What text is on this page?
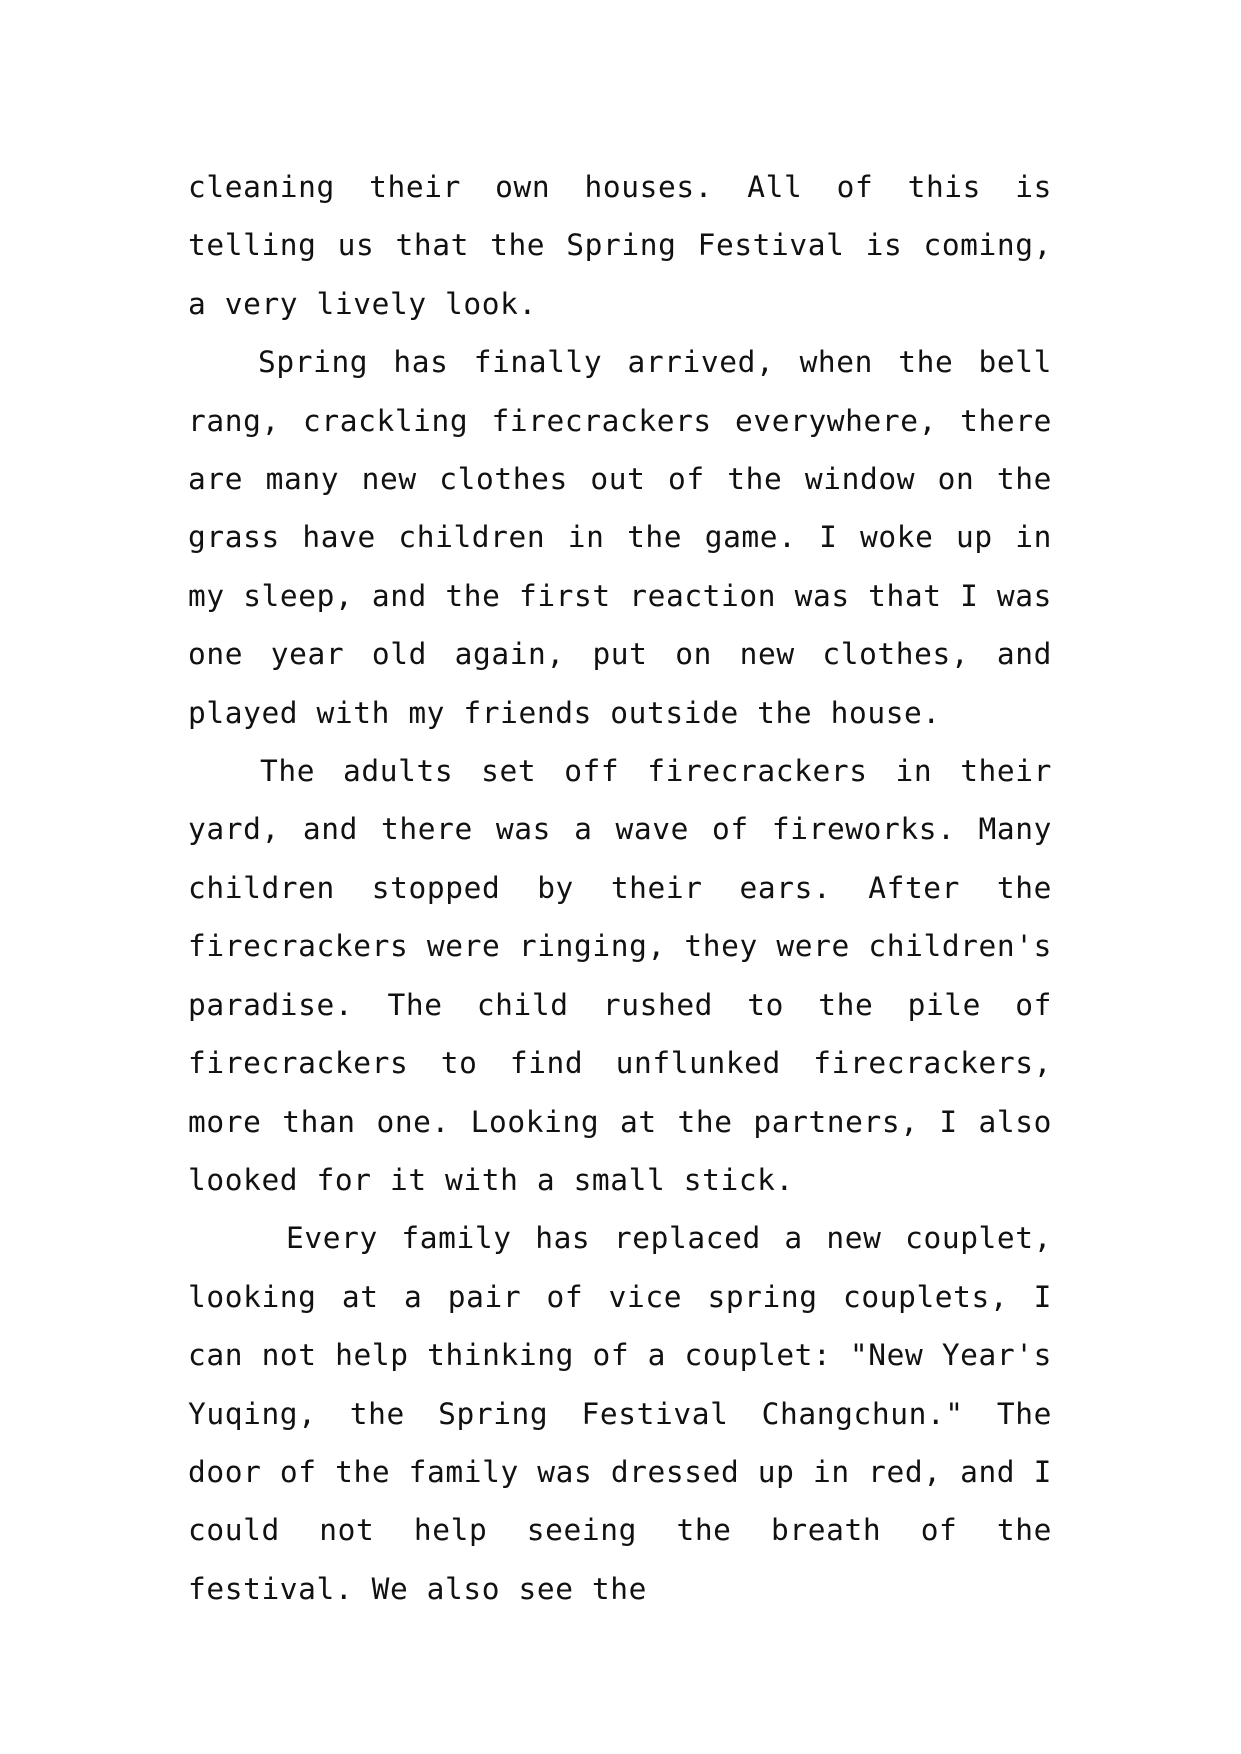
cleaning their own houses. All of this is telling us that the Spring Festival is coming, a very lively look.

Spring has finally arrived, when the bell rang, crackling firecrackers everywhere, there are many new clothes out of the window on the grass have children in the game. I woke up in my sleep, and the first reaction was that I was one year old again, put on new clothes, and played with my friends outside the house.

The adults set off firecrackers in their yard, and there was a wave of fireworks. Many children stopped by their ears. After the firecrackers were ringing, they were children's paradise. The child rushed to the pile of firecrackers to find unflunked firecrackers, more than one. Looking at the partners, I also looked for it with a small stick.

Every family has replaced a new couplet, looking at a pair of vice spring couplets, I can not help thinking of a couplet: "New Year's Yuqing, the Spring Festival Changchun." The door of the family was dressed up in red, and I could not help seeing the breath of the festival. We also see the
